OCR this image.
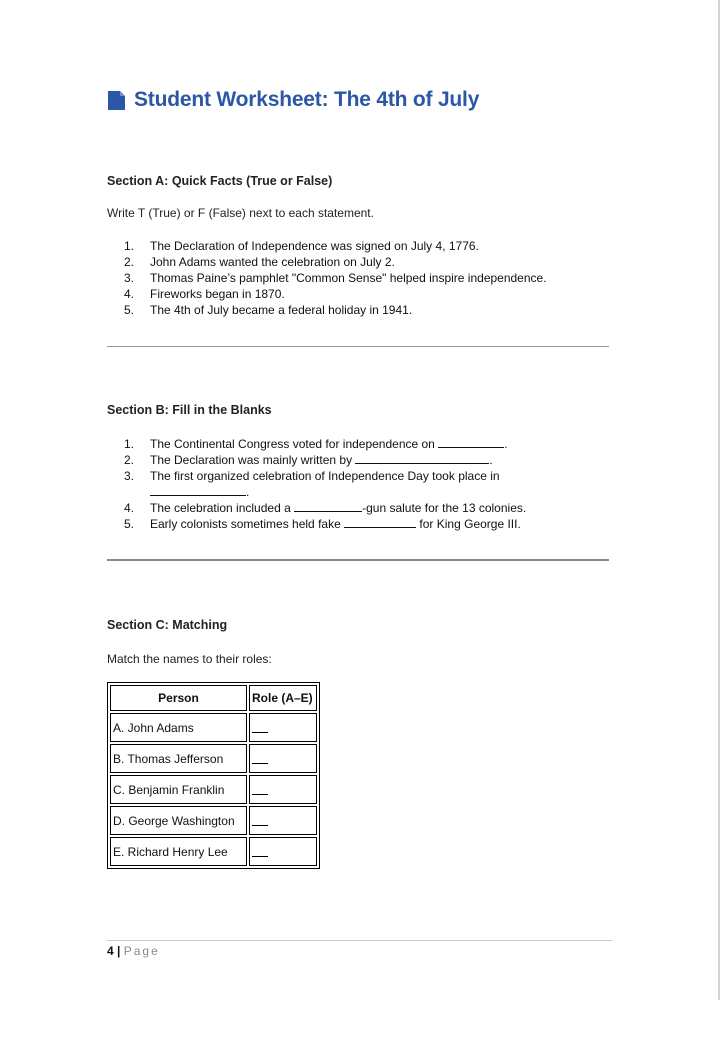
Student Worksheet: The 4th of July
Section A: Quick Facts (True or False)
Write T (True) or F (False) next to each statement.
1.	The Declaration of Independence was signed on July 4, 1776.
2.	John Adams wanted the celebration on July 2.
3.	Thomas Paine’s pamphlet "Common Sense" helped inspire independence.
4.	Fireworks began in 1870.
5.	The 4th of July became a federal holiday in 1941.
Section B: Fill in the Blanks
1.	The Continental Congress voted for independence on	.
2.	The Declaration was mainly written by	.
3.	The first organized celebration of Independence Day took place in .
4.	The celebration included a	-gun salute for the 13 colonies.
5.	Early colonists sometimes held fake	for King George III.
Section C: Matching
Match the names to their roles:
Person	Role (A–E)
A. John Adams	
B. Thomas Jefferson	
C. Benjamin Franklin	
D. George Washington	
E. Richard Henry Lee	
4 | Page
